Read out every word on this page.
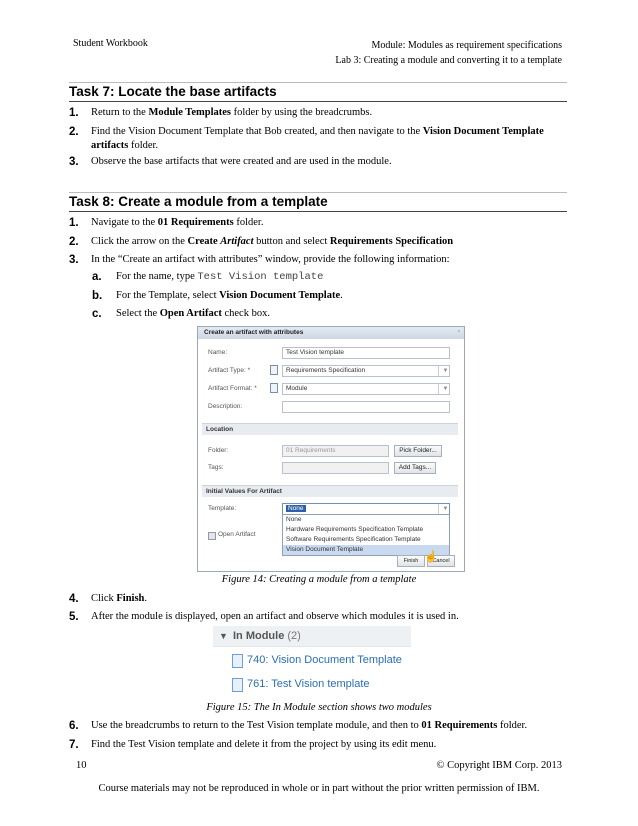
Student Workbook	Module: Modules as requirement specifications
Lab 3: Creating a module and converting it to a template
Task 7: Locate the base artifacts
1. Return to the Module Templates folder by using the breadcrumbs.
2. Find the Vision Document Template that Bob created, and then navigate to the Vision Document Template artifacts folder.
3. Observe the base artifacts that were created and are used in the module.
Task 8: Create a module from a template
1. Navigate to the 01 Requirements folder.
2. Click the arrow on the Create Artifact button and select Requirements Specification
3. In the “Create an artifact with attributes” window, provide the following information:
a. For the name, type Test Vision template
b. For the Template, select Vision Document Template.
c. Select the Open Artifact check box.
Create an artifact with attributes	▫
Name:	Test Vision template
Artifact Type: *	Requirements Specification	▼
Artifact Format: *	Module	▼
Description:
Location
Folder:	01 Requirements	Pick Folder...
Tags:	Add Tags...
Initial Values For Artifact
Template:	None	▼
None
Hardware Requirements Specification Template
Software Requirements Specification Template
Vision Document Template
Open Artifact
Finish	Cancel
☝
Figure 14: Creating a module from a template
4. Click Finish.
5. After the module is displayed, open an artifact and observe which modules it is used in.
▼ In Module (2)
740: Vision Document Template
761: Test Vision template
Figure 15: The In Module section shows two modules
6. Use the breadcrumbs to return to the Test Vision template module, and then to 01 Requirements folder.
7. Find the Test Vision template and delete it from the project by using its edit menu.
10	© Copyright IBM Corp. 2013
Course materials may not be reproduced in whole or in part without the prior written permission of IBM.
